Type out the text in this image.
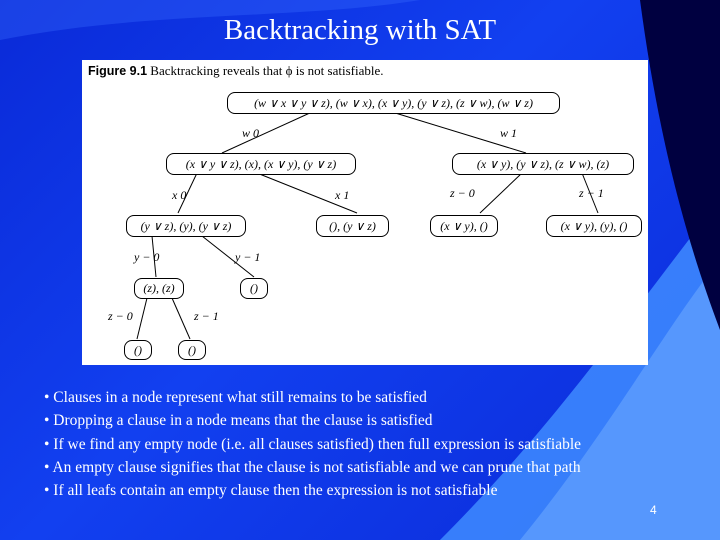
Backtracking with SAT
Figure 9.1 Backtracking reveals that ϕ is not satisfiable.
(w ∨ x ∨ y ∨ z), (w ∨ x), (x ∨ y), (y ∨ z), (z ∨ w), (w ∨ z)
w 0	w 1
(x ∨ y ∨ z), (x), (x ∨ y), (y ∨ z)	(x ∨ y), (y ∨ z), (z ∨ w), (z)
x 0	x 1	z − 0	z − 1
(y ∨ z), (y), (y ∨ z)	(), (y ∨ z)	(x ∨ y), ()	(x ∨ y), (y), ()
y − 0	y − 1
(z), (z)	()
z − 0	z − 1
()	()
• Clauses in a node represent what still remains to be satisfied
• Dropping a clause in a node means that the clause is satisfied
• If we find any empty node (i.e. all clauses satisfied) then full expression is satisfiable
• An empty clause signifies that the clause is not satisfiable and we can prune that path
• If all leafs contain an empty clause then the expression is not satisfiable
4
